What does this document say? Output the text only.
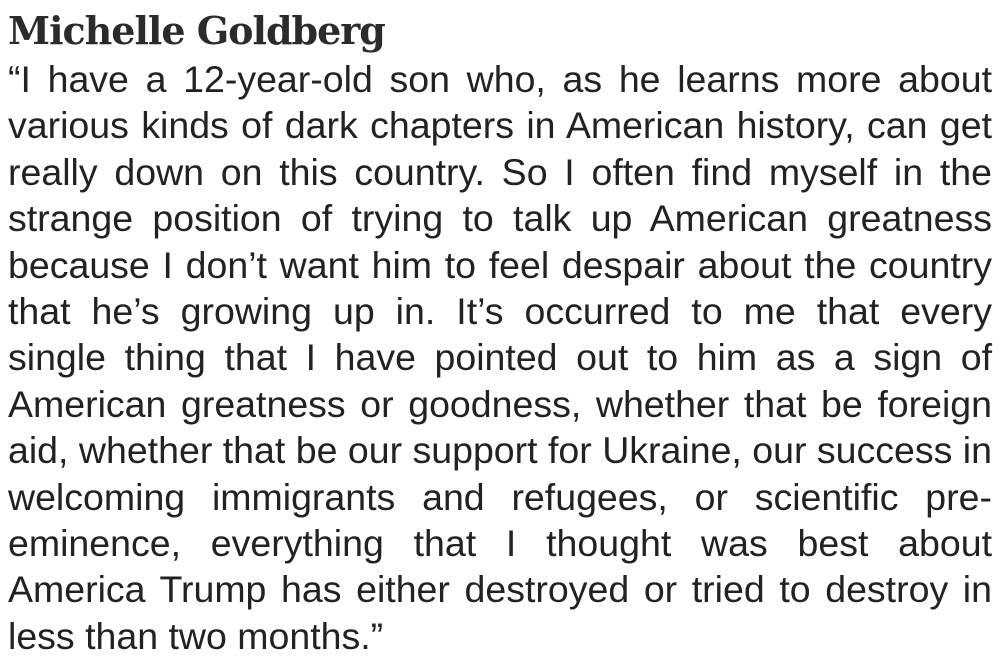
Michelle Goldberg

“I have a 12-year-old son who, as he learns more about various kinds of dark chapters in American history, can get really down on this country. So I often find myself in the strange position of trying to talk up American greatness because I don’t want him to feel despair about the country that he’s growing up in. It’s occurred to me that every single thing that I have pointed out to him as a sign of American greatness or goodness, whether that be foreign aid, whether that be our support for Ukraine, our success in welcoming immigrants and refugees, or scientific pre-eminence, everything that I thought was best about America Trump has either destroyed or tried to destroy in less than two months.”
